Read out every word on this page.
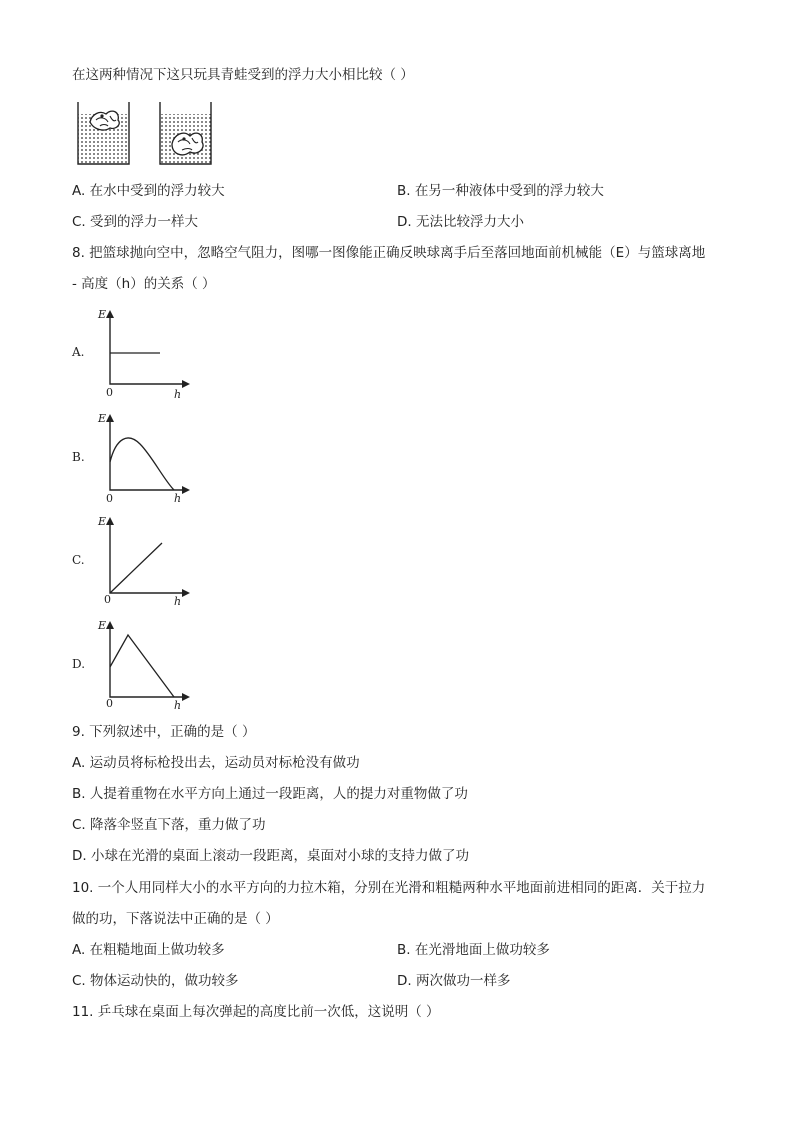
在这两种情况下这只玩具青蛙受到的浮力大小相比较（ ）
A. 在水中受到的浮力较大	B. 在另一种液体中受到的浮力较大
C. 受到的浮力一样大	D. 无法比较浮力大小
8. 把篮球抛向空中，忽略空气阻力，图哪一图像能正确反映球离手后至落回地面前机械能（E）与篮球离地
- 高度（h）的关系（ ）
A.
E
h
0
B.
E
h
0
C.
E
h
0
D.
E
h
0
9. 下列叙述中，正确的是（ ）
A. 运动员将标枪投出去，运动员对标枪没有做功
B. 人提着重物在水平方向上通过一段距离，人的提力对重物做了功
C. 降落伞竖直下落，重力做了功
D. 小球在光滑的桌面上滚动一段距离，桌面对小球的支持力做了功
10. 一个人用同样大小的水平方向的力拉木箱，分别在光滑和粗糙两种水平地面前进相同的距离．关于拉力
做的功，下落说法中正确的是（ ）
A. 在粗糙地面上做功较多	B. 在光滑地面上做功较多
C. 物体运动快的，做功较多	D. 两次做功一样多
11. 乒乓球在桌面上每次弹起的高度比前一次低，这说明（ ）
